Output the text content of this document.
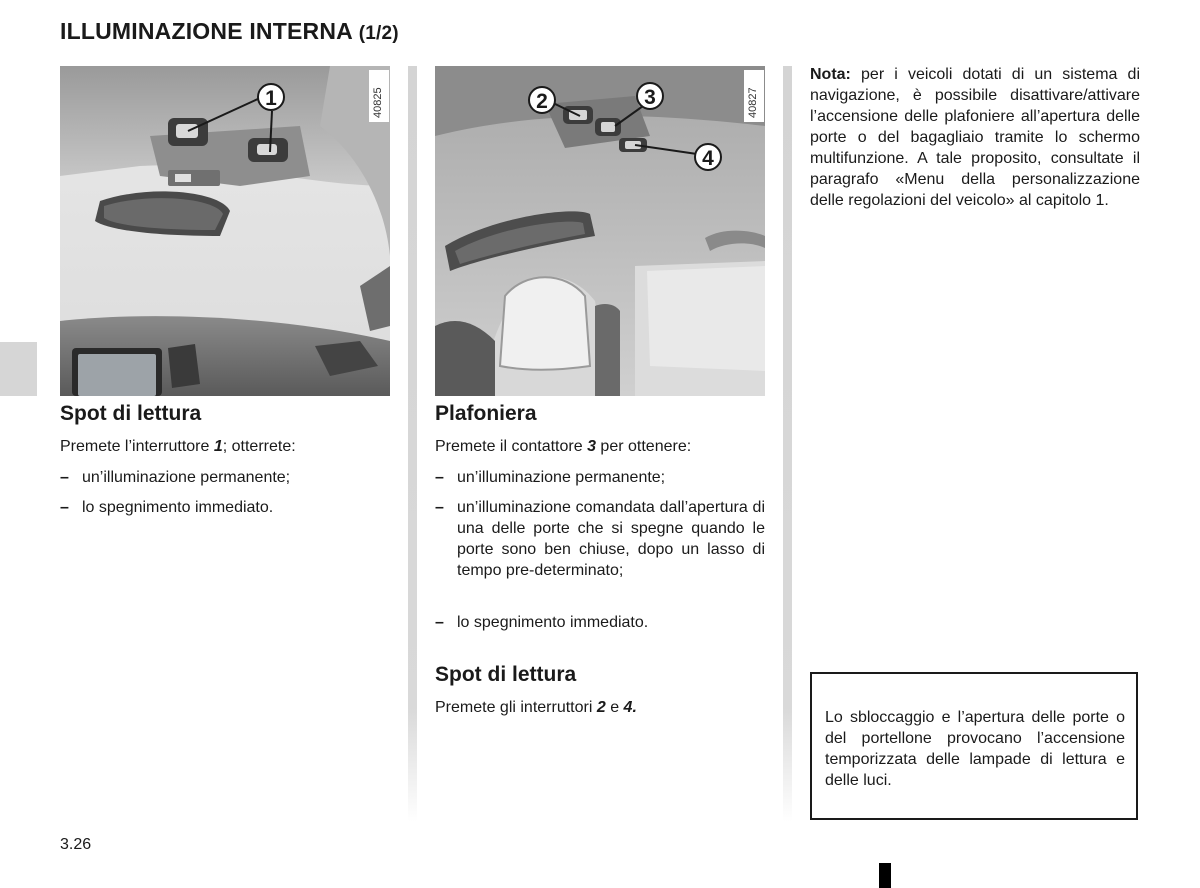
ILLUMINAZIONE INTERNA (1/2)
40825
1	40827
2	3
4
Spot di lettura
Premete l’interruttore 1; otterrete:
– un’illuminazione permanente;
– lo spegnimento immediato.
Plafoniera
Premete il contattore 3 per ottenere:
– un’illuminazione permanente;
– un’illuminazione comandata dall’apertura di una delle porte che si spegne quando le porte sono ben chiuse, dopo un lasso di tempo pre-determinato;
– lo spegnimento immediato.
Spot di lettura
Premete gli interruttori 2 e 4.
Nota: per i veicoli dotati di un sistema di navigazione, è possibile disattivare/attivare l’accensione delle plafoniere all’apertura delle porte o del bagagliaio tramite lo schermo multifunzione. A tale proposito, consultate il paragrafo «Menu della personalizzazione delle regolazioni del veicolo» al capitolo 1.
Lo sbloccaggio e l’apertura delle porte o del portellone provocano l’accensione temporizzata delle lampade di lettura e delle luci.
3.26
